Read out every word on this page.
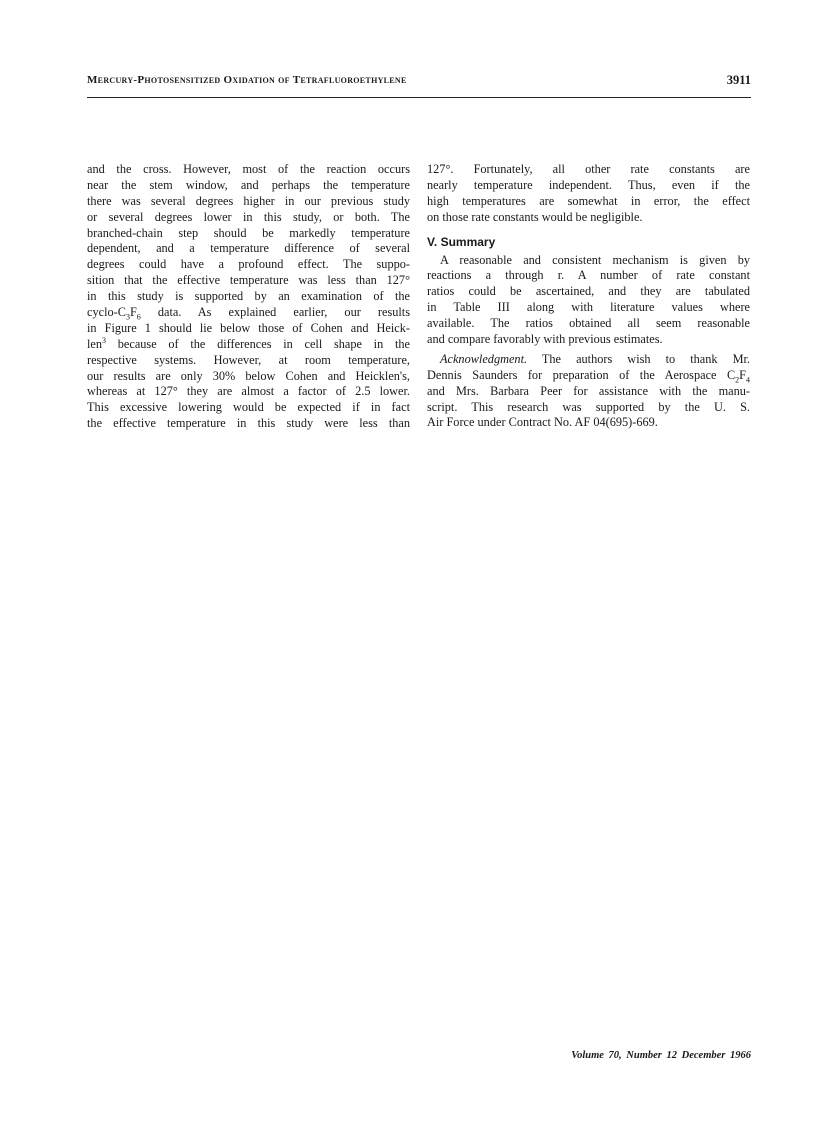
Mercury-Photosensitized Oxidation of Tetrafluoroethylene	3911
and the cross. However, most of the reaction occurs
near the stem window, and perhaps the temperature
there was several degrees higher in our previous study
or several degrees lower in this study, or both. The
branched-chain step should be markedly temperature
dependent, and a temperature difference of several
degrees could have a profound effect. The suppo-
sition that the effective temperature was less than 127°
in this study is supported by an examination of the
cyclo-$C_3F_6$ data. As explained earlier, our results
in Figure 1 should lie below those of Cohen and Heick-
len$^3$ because of the differences in cell shape in the
respective systems. However, at room temperature,
our results are only 30% below Cohen and Heicklen's,
whereas at 127° they are almost a factor of 2.5 lower.
This excessive lowering would be expected if in fact
the effective temperature in this study were less than
127°. Fortunately, all other rate constants are
nearly temperature independent. Thus, even if the
high temperatures are somewhat in error, the effect
on those rate constants would be negligible.
V. Summary
A reasonable and consistent mechanism is given by
reactions a through r. A number of rate constant
ratios could be ascertained, and they are tabulated
in Table III along with literature values where
available. The ratios obtained all seem reasonable
and compare favorably with previous estimates.
Acknowledgment. The authors wish to thank Mr.
Dennis Saunders for preparation of the Aerospace $C_2F_4$
and Mrs. Barbara Peer for assistance with the manu-
script. This research was supported by the U. S.
Air Force under Contract No. AF 04(695)-669.
Volume 70, Number 12 December 1966
